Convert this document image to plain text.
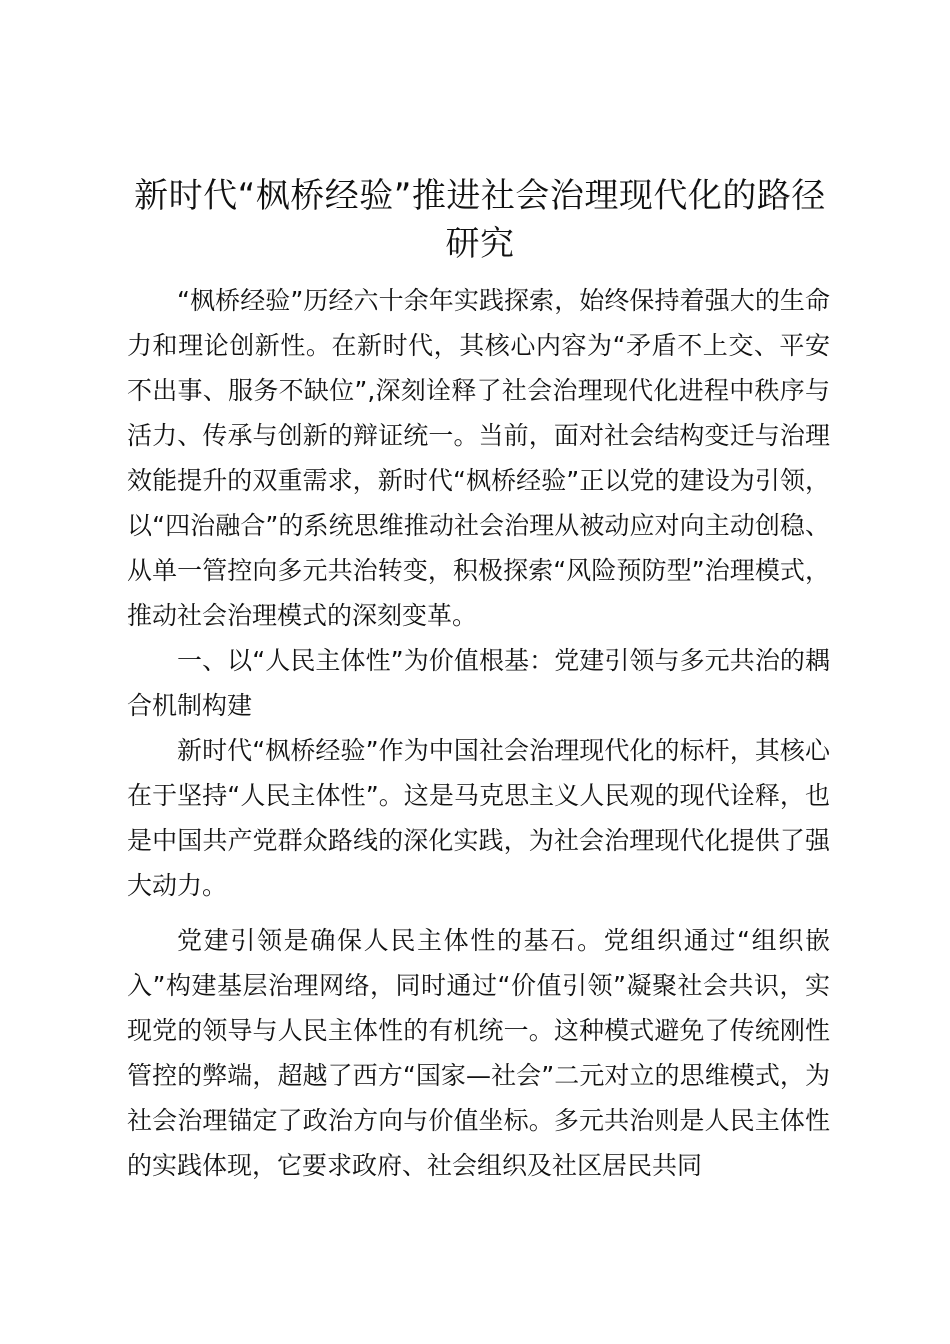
新时代“枫桥经验”推进社会治理现代化的路径研究

“枫桥经验”历经六十余年实践探索，始终保持着强大的生命力和理论创新性。在新时代，其核心内容为“矛盾不上交、平安不出事、服务不缺位”,深刻诠释了社会治理现代化进程中秩序与活力、传承与创新的辩证统一。当前，面对社会结构变迁与治理效能提升的双重需求，新时代“枫桥经验”正以党的建设为引领，以“四治融合”的系统思维推动社会治理从被动应对向主动创稳、从单一管控向多元共治转变，积极探索“风险预防型”治理模式，推动社会治理模式的深刻变革。

一、以“人民主体性”为价值根基：党建引领与多元共治的耦合机制构建

新时代“枫桥经验”作为中国社会治理现代化的标杆，其核心在于坚持“人民主体性”。这是马克思主义人民观的现代诠释，也是中国共产党群众路线的深化实践，为社会治理现代化提供了强大动力。

党建引领是确保人民主体性的基石。党组织通过“组织嵌入”构建基层治理网络，同时通过“价值引领”凝聚社会共识，实现党的领导与人民主体性的有机统一。这种模式避免了传统刚性管控的弊端，超越了西方“国家—社会”二元对立的思维模式，为社会治理锚定了政治方向与价值坐标。多元共治则是人民主体性的实践体现，它要求政府、社会组织及社区居民共同
